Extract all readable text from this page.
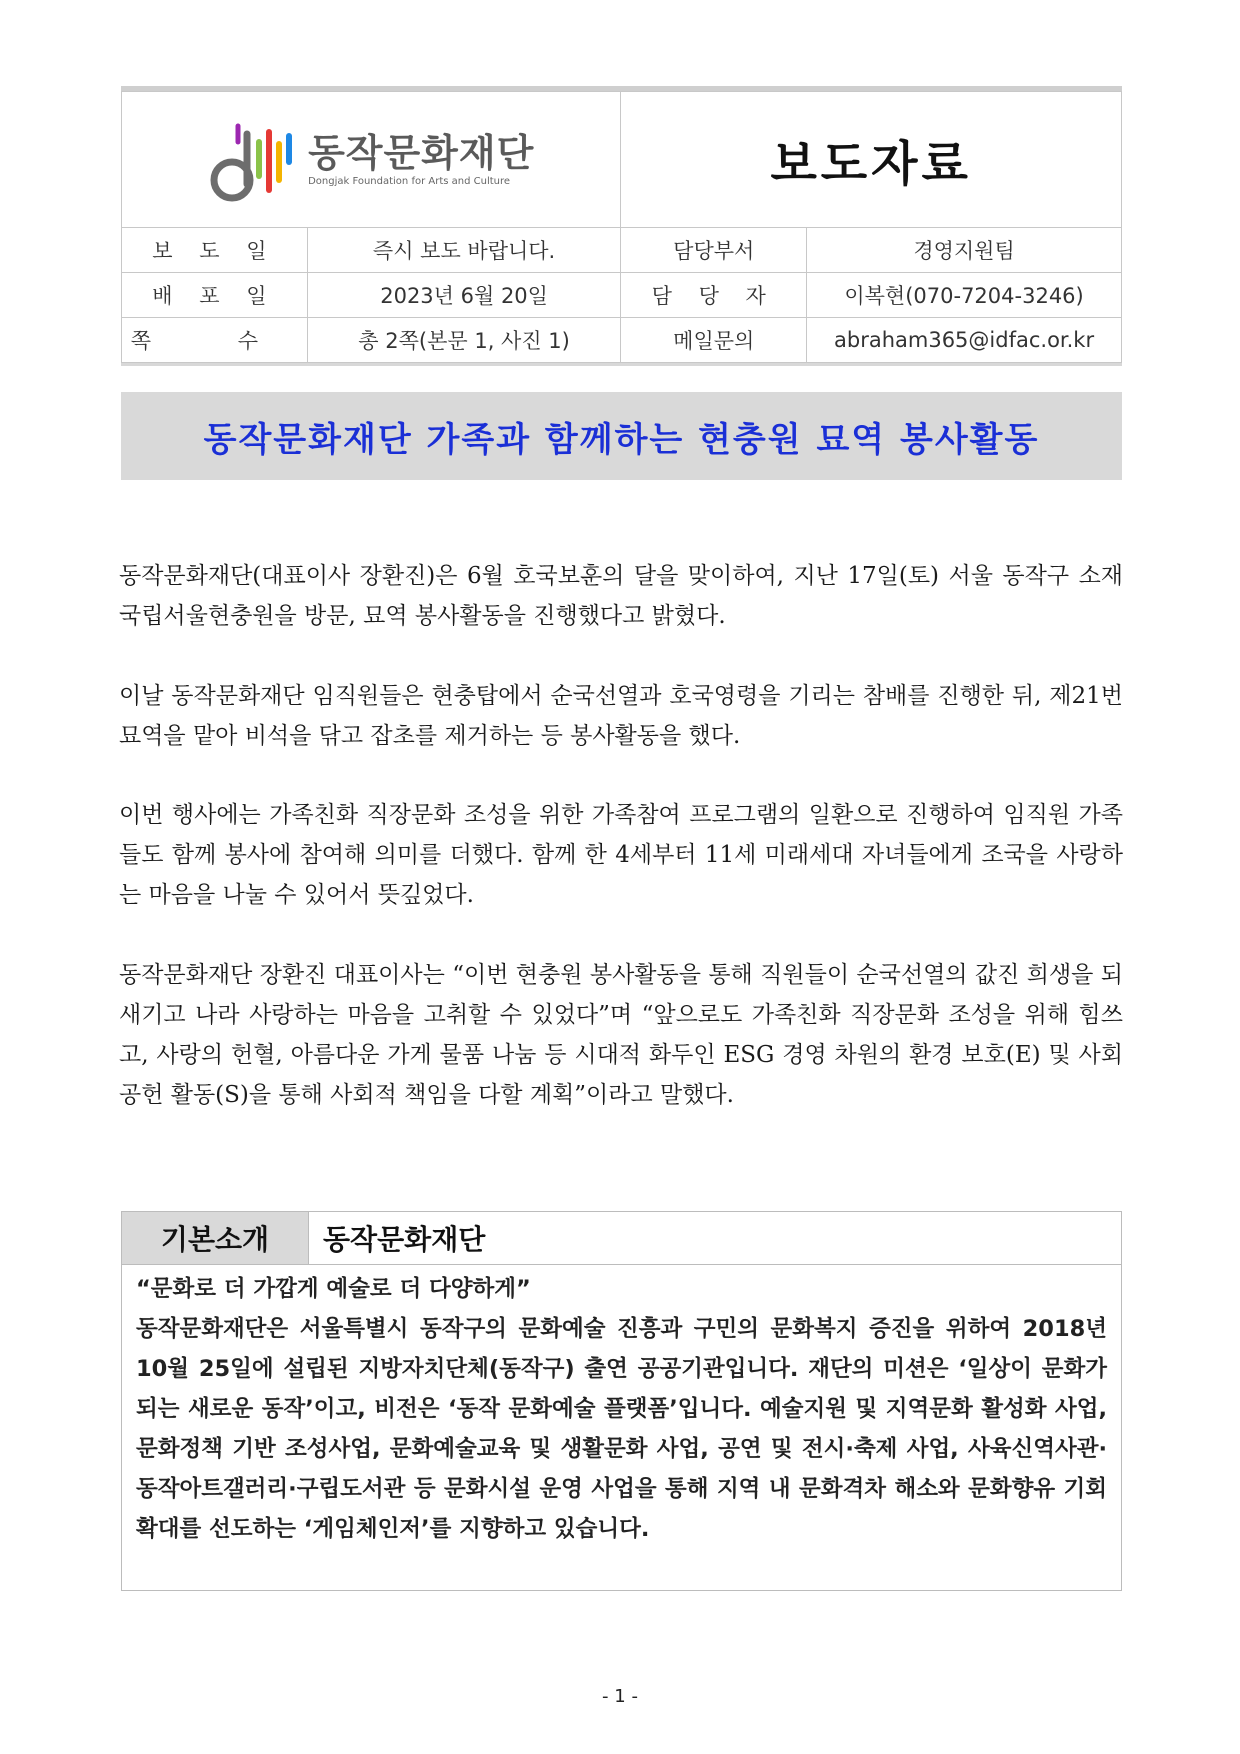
동작문화재단
Dongjak Foundation for Arts and Culture		보도자료	
보 도 일	즉시 보도 바랍니다.	담당부서	경영지원팀
배 포 일	2023년 6월 20일	담 당 자	이복현(070-7204-3246)
쪽 수	총 2쪽(본문 1, 사진 1)	메일문의	abraham365@idfac.or.kr
동작문화재단 가족과 함께하는 현충원 묘역 봉사활동
동작문화재단(대표이사 장환진)은 6월 호국보훈의 달을 맞이하여, 지난 17일(토) 서울 동작구 소재 국립서울현충원을 방문, 묘역 봉사활동을 진행했다고 밝혔다.
이날 동작문화재단 임직원들은 현충탑에서 순국선열과 호국영령을 기리는 참배를 진행한 뒤, 제21번 묘역을 맡아 비석을 닦고 잡초를 제거하는 등 봉사활동을 했다.
이번 행사에는 가족친화 직장문화 조성을 위한 가족참여 프로그램의 일환으로 진행하여 임직원 가족들도 함께 봉사에 참여해 의미를 더했다. 함께 한 4세부터 11세 미래세대 자녀들에게 조국을 사랑하는 마음을 나눌 수 있어서 뜻깊었다.
동작문화재단 장환진 대표이사는 “이번 현충원 봉사활동을 통해 직원들이 순국선열의 값진 희생을 되새기고 나라 사랑하는 마음을 고취할 수 있었다”며 “앞으로도 가족친화 직장문화 조성을 위해 힘쓰고, 사랑의 헌혈, 아름다운 가게 물품 나눔 등 시대적 화두인 ESG 경영 차원의 환경 보호(E) 및 사회공헌 활동(S)을 통해 사회적 책임을 다할 계획”이라고 말했다.
기본소개	동작문화재단
“문화로 더 가깝게 예술로 더 다양하게”
동작문화재단은 서울특별시 동작구의 문화예술 진흥과 구민의 문화복지 증진을 위하여 2018년 10월 25일에 설립된 지방자치단체(동작구) 출연 공공기관입니다. 재단의 미션은 ‘일상이 문화가 되는 새로운 동작’이고, 비전은 ‘동작 문화예술 플랫폼’입니다. 예술지원 및 지역문화 활성화 사업, 문화정책 기반 조성사업, 문화예술교육 및 생활문화 사업, 공연 및 전시·축제 사업, 사육신역사관·동작아트갤러리·구립도서관 등 문화시설 운영 사업을 통해 지역 내 문화격차 해소와 문화향유 기회 확대를 선도하는 ‘게임체인저’를 지향하고 있습니다.
- 1 -
